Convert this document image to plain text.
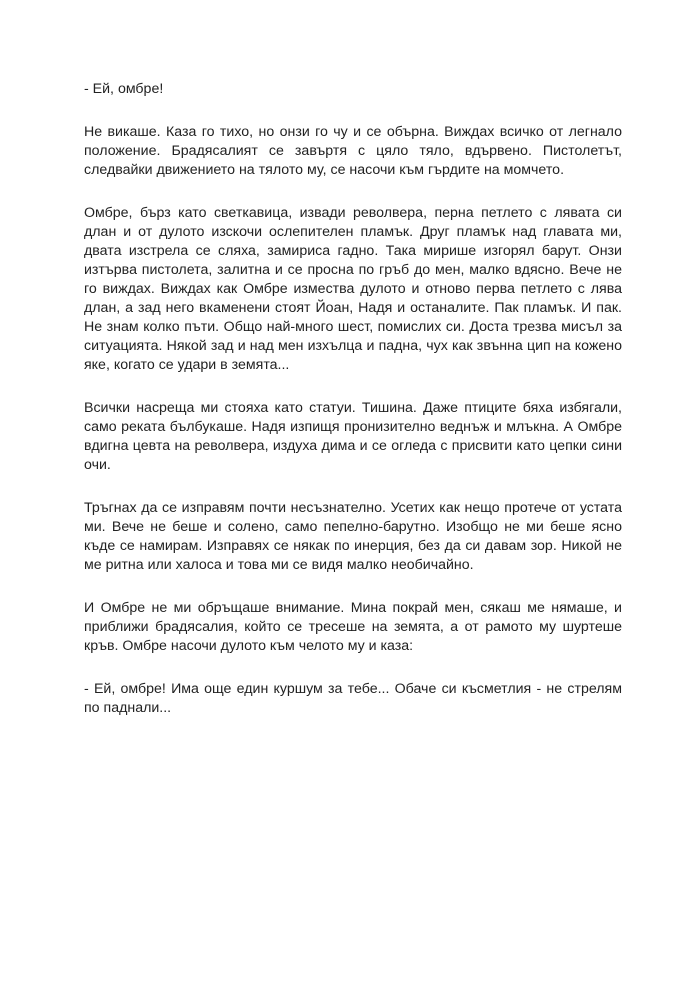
- Ей, омбре!

Не викаше. Каза го тихо, но онзи го чу и се обърна. Виждах всичко от легнало положение. Брадясалият се завъртя с цяло тяло, вдървено. Пистолетът, следвайки движението на тялото му, се насочи към гърдите на момчето.

Омбре, бърз като светкавица, извади револвера, перна петлето с лявата си длан и от дулото изскочи ослепителен пламък. Друг пламък над главата ми, двата изстрела се сляха, замириса гадно. Така мирише изгорял барут. Онзи изтърва пистолета, залитна и се просна по гръб до мен, малко вдясно. Вече не го виждах. Виждах как Омбре измества дулото и отново перва петлето с лява длан, а зад него вкаменени стоят Йоан, Надя и останалите. Пак пламък. И пак. Не знам колко пъти. Общо най-много шест, помислих си. Доста трезва мисъл за ситуацията. Някой зад и над мен изхълца и падна, чух как звънна цип на кожено яке, когато се удари в земята...

Всички насреща ми стояха като статуи. Тишина. Даже птиците бяха избягали, само реката бълбукаше. Надя изпищя пронизително веднъж и млъкна. А Омбре вдигна цевта на револвера, издуха дима и се огледа с присвити като цепки сини очи.

Тръгнах да се изправям почти несъзнателно. Усетих как нещо протече от устата ми. Вече не беше и солено, само пепелно-барутно. Изобщо не ми беше ясно къде се намирам. Изправях се някак по инерция, без да си давам зор. Никой не ме ритна или халоса и това ми се видя малко необичайно.

И Омбре не ми обръщаше внимание. Мина покрай мен, сякаш ме нямаше, и приближи брадясалия, който се тресеше на земята, а от рамото му шуртеше кръв. Омбре насочи дулото към челото му и каза:

- Ей, омбре! Има още един куршум за тебе... Обаче си късметлия - не стрелям по паднали...
